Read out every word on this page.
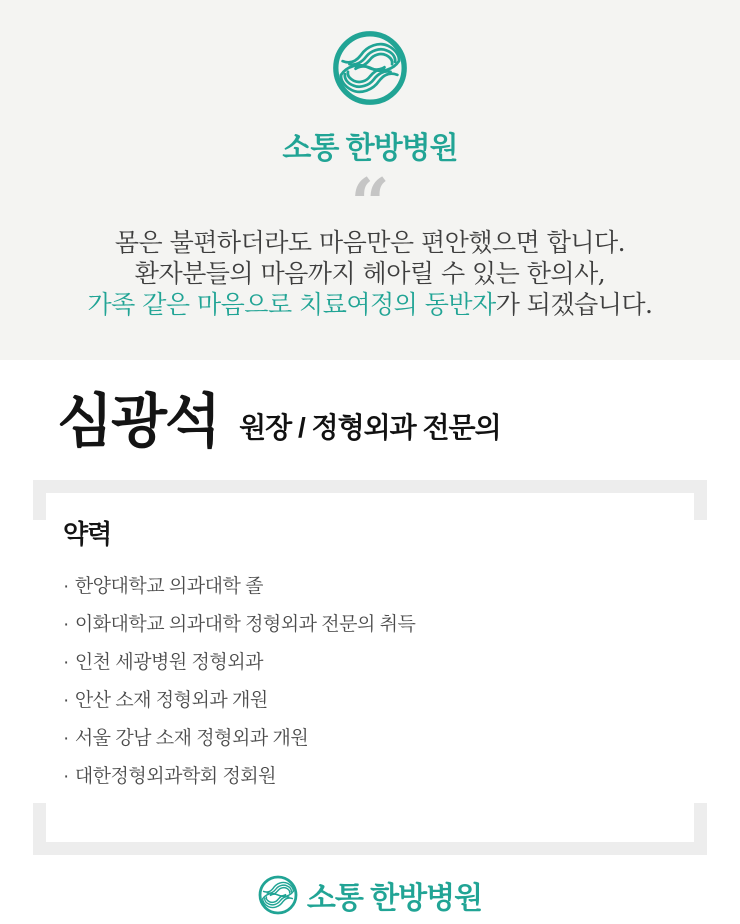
소통 한방병원
“
몸은 불편하더라도 마음만은 편안했으면 합니다.
환자분들의 마음까지 헤아릴 수 있는 한의사,
가족 같은 마음으로 치료여정의 동반자가 되겠습니다.
심광석 원장 / 정형외과 전문의
약력
· 한양대학교 의과대학 졸
· 이화대학교 의과대학 정형외과 전문의 취득
· 인천 세광병원 정형외과
· 안산 소재 정형외과 개원
· 서울 강남 소재 정형외과 개원
· 대한정형외과학회 정회원
소통 한방병원
